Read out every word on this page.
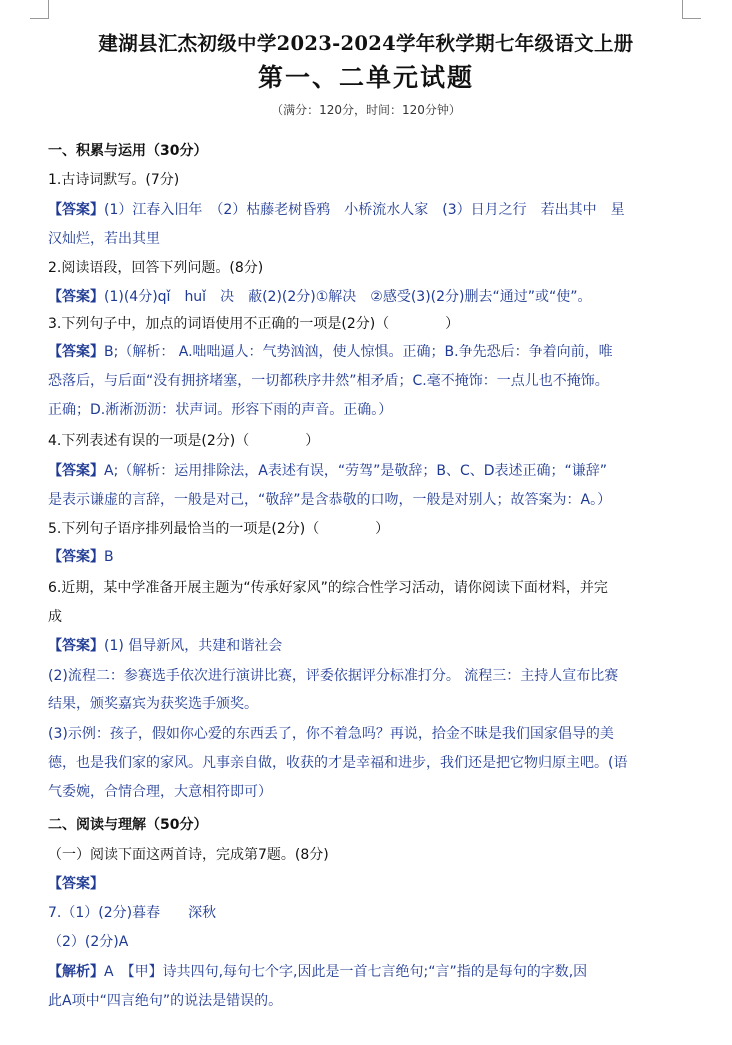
建湖县汇杰初级中学2023-2024学年秋学期七年级语文上册
第一、二单元试题
（满分：120分，时间：120分钟）
一、积累与运用（30分）
1.古诗词默写。(7分)
【答案】(1）江春入旧年　（2）枯藤老树昏鸦　小桥流水人家　(3）日月之行　若出其中　星
汉灿烂，若出其里
2.阅读语段，回答下列问题。(8分)
【答案】(1)(4分)qǐ　huǐ　决　蔽(2)(2分)①解决　②感受(3)(2分)删去“通过”或“使”。
3.下列句子中，加点的词语使用不正确的一项是(2分)（　　　　）
【答案】B;（解析： A.咄咄逼人：气势汹汹，使人惊惧。正确；B.争先恐后：争着向前，唯
恐落后，与后面“没有拥挤堵塞，一切都秩序井然”相矛盾；C.毫不掩饰：一点儿也不掩饰。
正确；D.淅淅沥沥：状声词。形容下雨的声音。正确。）
4.下列表述有误的一项是(2分)（　　　　）
【答案】A;（解析：运用排除法，A表述有误，“劳驾”是敬辞；B、C、D表述正确；“谦辞”
是表示谦虚的言辞，一般是对己，“敬辞”是含恭敬的口吻，一般是对别人；故答案为：A。）
5.下列句子语序排列最恰当的一项是(2分)（　　　　）
【答案】B
6.近期，某中学准备开展主题为“传承好家风”的综合性学习活动，请你阅读下面材料，并完
成
【答案】(1) 倡导新风，共建和谐社会
(2)流程二：参赛选手依次进行演讲比赛，评委依据评分标准打分。 流程三：主持人宣布比赛
结果，颁奖嘉宾为获奖选手颁奖。
(3)示例：孩子，假如你心爱的东西丢了，你不着急吗？再说，拾金不昧是我们国家倡导的美
德，也是我们家的家风。凡事亲自做，收获的才是幸福和进步，我们还是把它物归原主吧。(语
气委婉，合情合理，大意相符即可）
二、阅读与理解（50分）
（一）阅读下面这两首诗，完成第7题。(8分)
【答案】
7.（1）(2分)暮春　　深秋
（2）(2分)A
【解析】A　【甲】诗共四句,每句七个字,因此是一首七言绝句;“言”指的是每句的字数,因
此A项中“四言绝句”的说法是错误的。
